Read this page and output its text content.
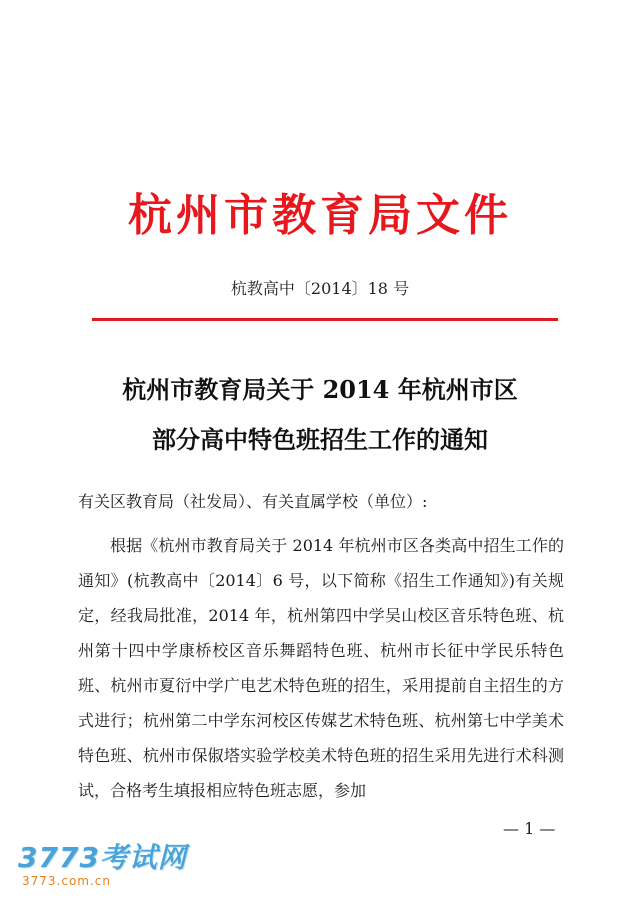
杭州市教育局文件
杭教高中〔2014〕18 号
杭州市教育局关于 2014 年杭州市区
部分高中特色班招生工作的通知
有关区教育局（社发局）、有关直属学校（单位）:

根据《杭州市教育局关于 2014 年杭州市区各类高中招生工作的通知》(杭教高中〔2014〕6 号，以下简称《招生工作通知》)有关规定，经我局批准，2014 年，杭州第四中学吴山校区音乐特色班、杭州第十四中学康桥校区音乐舞蹈特色班、杭州市长征中学民乐特色班、杭州市夏衍中学广电艺术特色班的招生，采用提前自主招生的方式进行；杭州第二中学东河校区传媒艺术特色班、杭州第七中学美术特色班、杭州市保俶塔实验学校美术特色班的招生采用先进行术科测试，合格考生填报相应特色班志愿，参加

— 1 —
3773考试网
3773.com.cn
